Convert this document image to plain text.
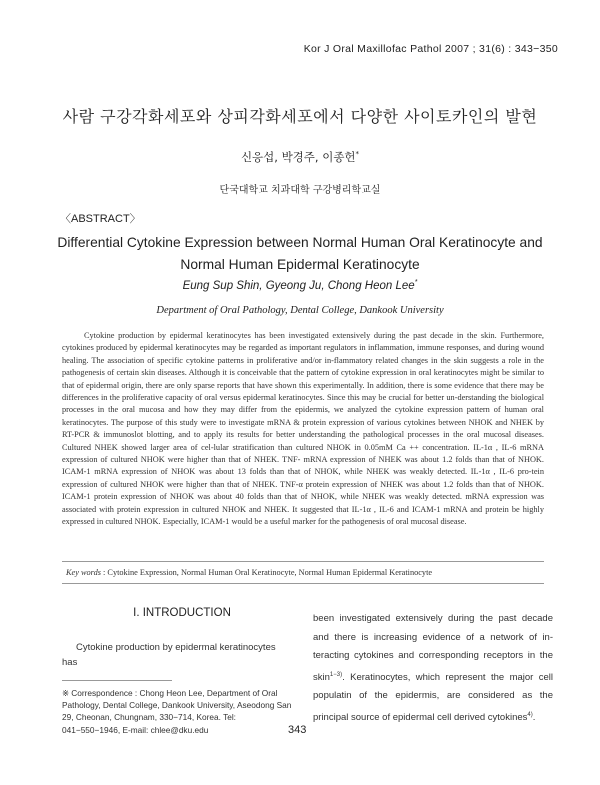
Kor J Oral Maxillofac Pathol 2007 ; 31(6) : 343−350
사람 구강각화세포와 상피각화세포에서 다양한 사이토카인의 발현
신응섭, 박경주, 이종헌*
단국대학교 치과대학 구강병리학교실
〈ABSTRACT〉
Differential Cytokine Expression between Normal Human Oral Keratinocyte and
Normal Human Epidermal Keratinocyte
Eung Sup Shin, Gyeong Ju, Chong Heon Lee*
Department of Oral Pathology, Dental College, Dankook University

Cytokine production by epidermal keratinocytes has been investigated extensively during the past decade in the skin. Furthermore, cytokines produced by epidermal keratinocytes may be regarded as important regulators in inflammation, immune responses, and during wound healing. The association of specific cytokine patterns in proliferative and/or in-flammatory related changes in the skin suggests a role in the pathogenesis of certain skin diseases. Although it is conceivable that the pattern of cytokine expression in oral keratinocytes might be similar to that of epidermal origin, there are only sparse reports that have shown this experimentally. In addition, there is some evidence that there may be differences in the proliferative capacity of oral versus epidermal keratinocytes. Since this may be crucial for better un-derstanding the biological processes in the oral mucosa and how they may differ from the epidermis, we analyzed the cytokine expression pattern of human oral keratinocytes. The purpose of this study were to investigate mRNA & protein expression of various cytokines between NHOK and NHEK by RT-PCR & immunoslot blotting, and to apply its results for better understanding the pathological processes in the oral mucosal diseases. Cultured NHEK showed larger area of cel-lular stratification than cultured NHOK in 0.05mM Ca ++ concentration. IL-1α , IL-6 mRNA expression of cultured NHOK were higher than that of NHEK. TNF- mRNA expression of NHEK was about 1.2 folds than that of NHOK. ICAM-1 mRNA expression of NHOK was about 13 folds than that of NHOK, while NHEK was weakly detected. IL-1α , IL-6 pro-tein expression of cultured NHOK were higher than that of NHEK. TNF-α protein expression of NHEK was about 1.2 folds than that of NHOK. ICAM-1 protein expression of NHOK was about 40 folds than that of NHOK, while NHEK was weakly detected. mRNA expression was associated with protein expression in cultured NHOK and NHEK. It suggested that IL-1α , IL-6 and ICAM-1 mRNA and protein be highly expressed in cultured NHOK. Especially, ICAM-1 would be a useful marker for the pathogenesis of oral mucosal disease.

Key words : Cytokine Expression, Normal Human Oral Keratinocyte, Normal Human Epidermal Keratinocyte
I. INTRODUCTION
Cytokine production by epidermal keratinocytes has
been investigated extensively during the past decade and there is increasing evidence of a network of in-teracting cytokines and corresponding receptors in the skin$^{1-3)}$. Keratinocytes, which represent the major cell populatin of the epidermis, are considered as the principal source of epidermal cell derived cytokines$^{4)}$.
※ Correspondence : Chong Heon Lee, Department of Oral Pathology, Dental College, Dankook University, Aseodong San 29, Cheonan, Chungnam, 330−714, Korea. Tel: 041−550−1946, E-mail: chlee@dku.edu	343
